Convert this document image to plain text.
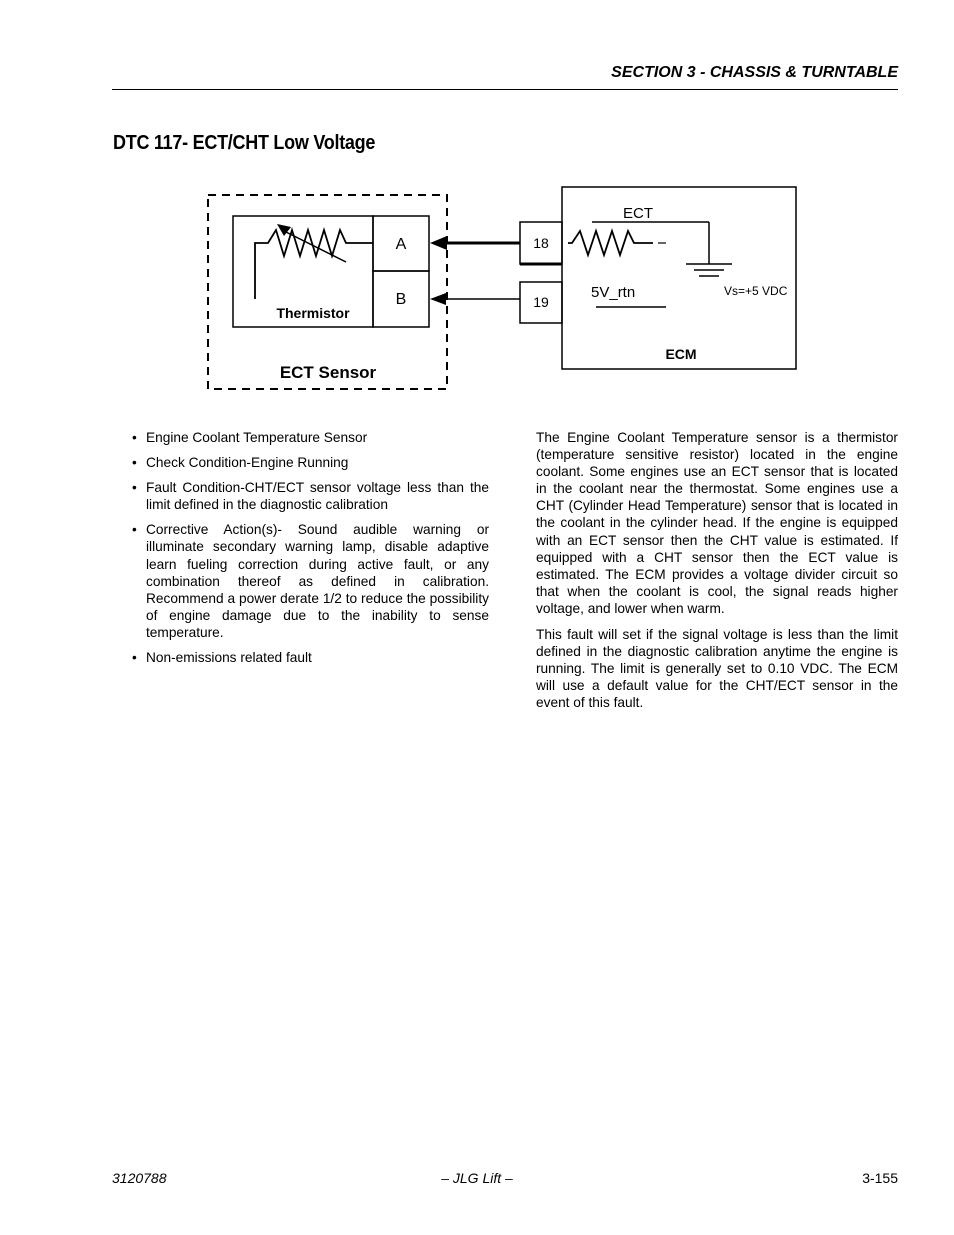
SECTION 3 - CHASSIS & TURNTABLE
DTC 117- ECT/CHT Low Voltage
A
B
Thermistor
ECT Sensor
18
19
ECT
Vs=+5 VDC
5V_rtn
ECM
• Engine Coolant Temperature Sensor
• Check Condition-Engine Running
• Fault Condition-CHT/ECT sensor voltage less than the limit defined in the diagnostic calibration
• Corrective Action(s)- Sound audible warning or illuminate secondary warning lamp, disable adaptive learn fueling correction during active fault, or any combination thereof as defined in calibration. Recommend a power derate 1/2 to reduce the possibility of engine damage due to the inability to sense temperature.
• Non-emissions related fault

The Engine Coolant Temperature sensor is a thermistor (temperature sensitive resistor) located in the engine coolant. Some engines use an ECT sensor that is located in the coolant near the thermostat. Some engines use a CHT (Cylinder Head Temperature) sensor that is located in the coolant in the cylinder head. If the engine is equipped with an ECT sensor then the CHT value is estimated. If equipped with a CHT sensor then the ECT value is estimated. The ECM provides a voltage divider circuit so that when the coolant is cool, the signal reads higher voltage, and lower when warm.

This fault will set if the signal voltage is less than the limit defined in the diagnostic calibration anytime the engine is running. The limit is generally set to 0.10 VDC. The ECM will use a default value for the CHT/ECT sensor in the event of this fault.

3120788	– JLG Lift –	3-155
